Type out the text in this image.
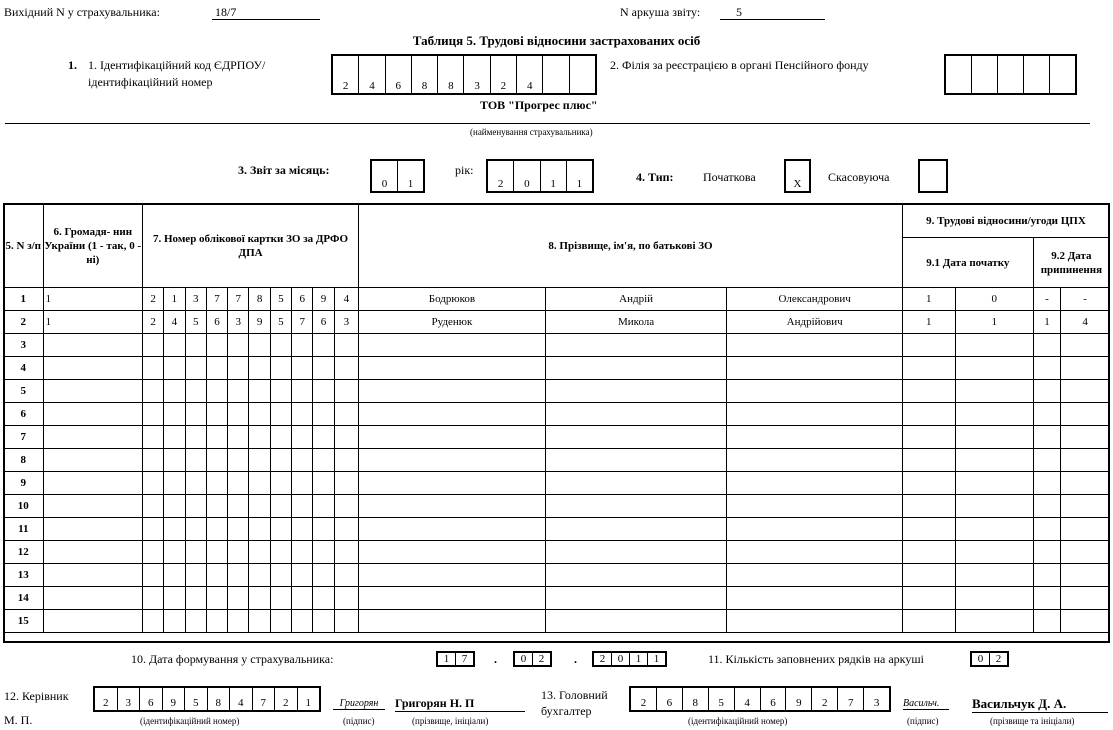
Вихідний N у страхувальника:	18/7	N аркуша звіту:	5
Таблиця 5. Трудові відносини застрахованих осіб
1. 1. Ідентифікаційний код ЄДРПОУ/
ідентифікаційний номер	2	4	6	8	8	3	2	4
2. Філія за реєстрацією в органі Пенсійного фонду
ТОВ "Прогрес плюс"
(найменування страхувальника)
3. Звіт за місяць:
0	1
рік:
2	0	1	1	4. Тип: Початкова	X	Скасовуюча
5. N з/п	6. Громадя- нин України (1 - так, 0 - ні)	7. Номер облікової картки ЗО за ДРФО ДПА										8. Прізвище, ім'я, по батькові ЗО			9. Трудові відносини/угоди ЦПХ			
															9.1 Дата початку		9.2 Дата припинення	
1	1	2	1	3	7	7	8	5	6	9	4	Бодрюков	Андрій	Олександрович	1	0	-	-
2	1	2	4	5	6	3	9	5	7	6	3	Руденюк	Микола	Андрійович	1	1	1	4
3																		
4																		
5																		
6																		
7																		
8																		
9																		
10																		
11																		
12																		
13																		
14																		
15																		
10. Дата формування у страхувальника:	1	7	.	0	2	.	2	0	1	1	11. Кількість заповнених рядків на аркуші	0	2
12. Керівник
М. П.
2	3	6	9	5	8	4	7	2	1
(ідентифікаційний номер)
Григорян
(підпис)
Григорян Н. П
(прізвище, ініціали)
13. Головний
бухгалтер
2	6	8	5	4	6	9	2	7	3
(ідентифікаційний номер)
Васильч.
(підпис)
Васильчук Д. А.
(прізвище та ініціали)
